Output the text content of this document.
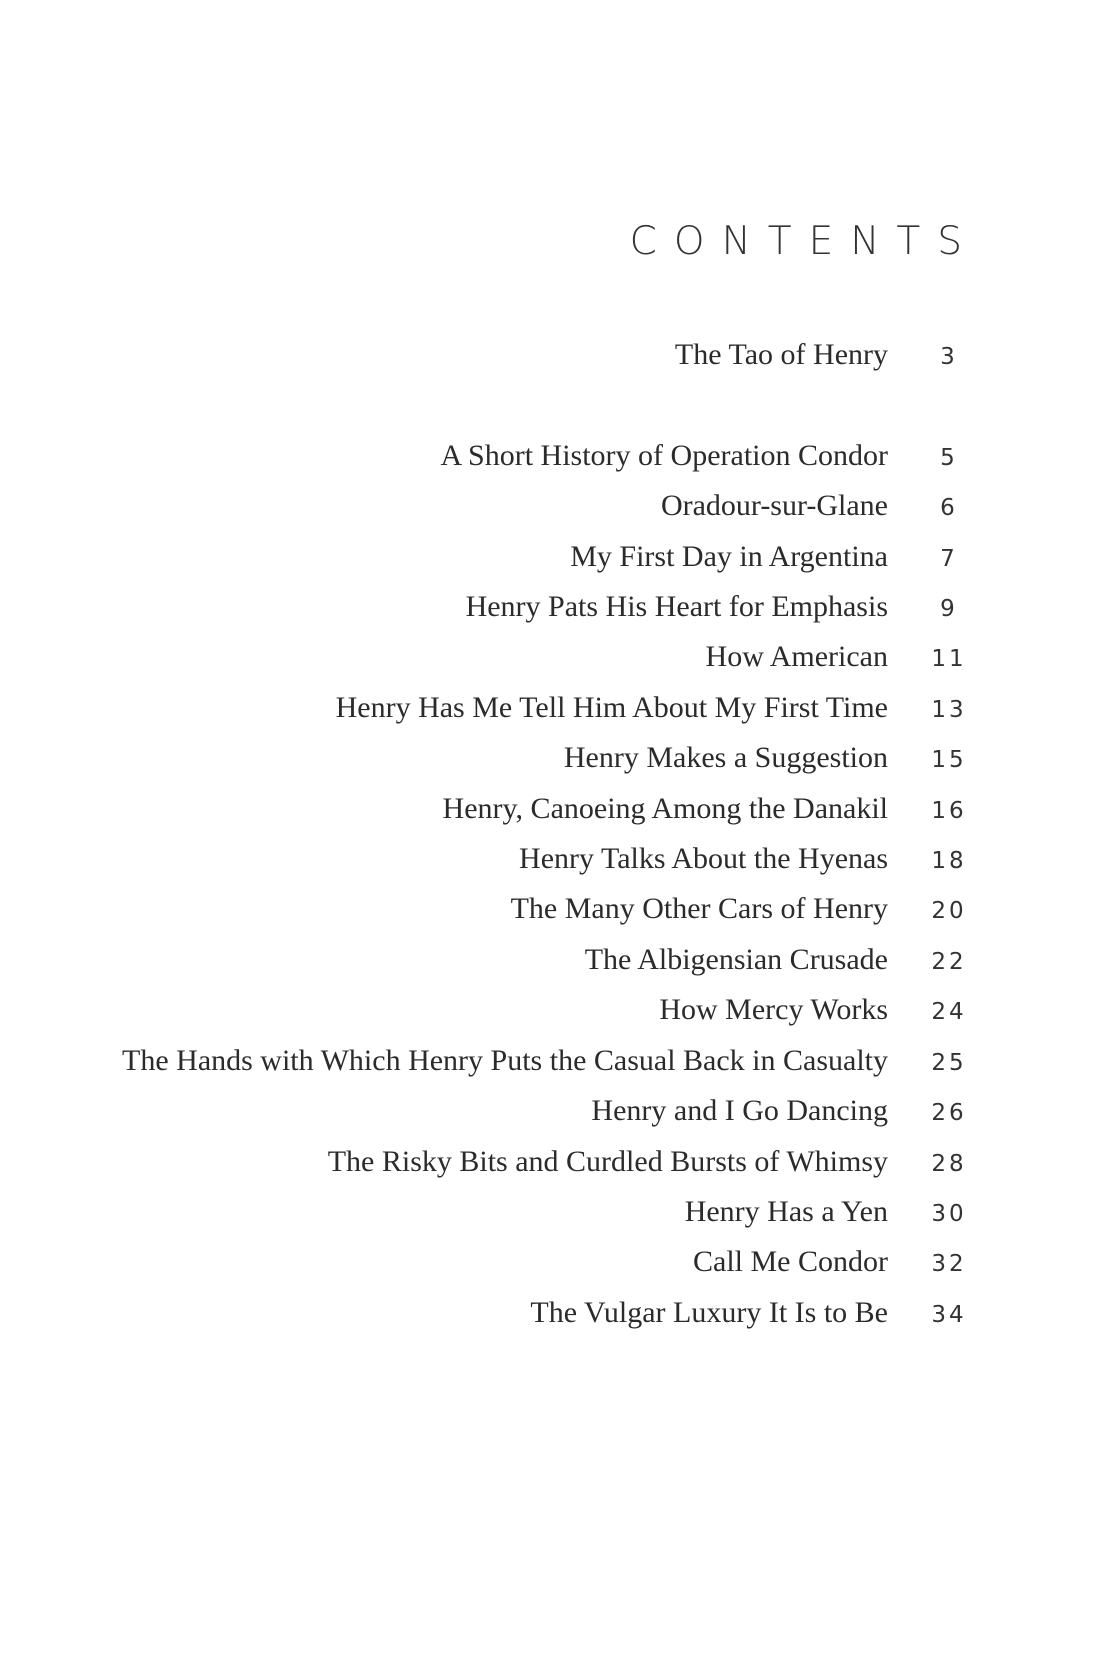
CONTENTS
The Tao of Henry	3
A Short History of Operation Condor	5
Oradour-sur-Glane	6
My First Day in Argentina	7
Henry Pats His Heart for Emphasis	9
How American	11
Henry Has Me Tell Him About My First Time	13
Henry Makes a Suggestion	15
Henry, Canoeing Among the Danakil	16
Henry Talks About the Hyenas	18
The Many Other Cars of Henry	20
The Albigensian Crusade	22
How Mercy Works	24
The Hands with Which Henry Puts the Casual Back in Casualty	25
Henry and I Go Dancing	26
The Risky Bits and Curdled Bursts of Whimsy	28
Henry Has a Yen	30
Call Me Condor	32
The Vulgar Luxury It Is to Be	34
